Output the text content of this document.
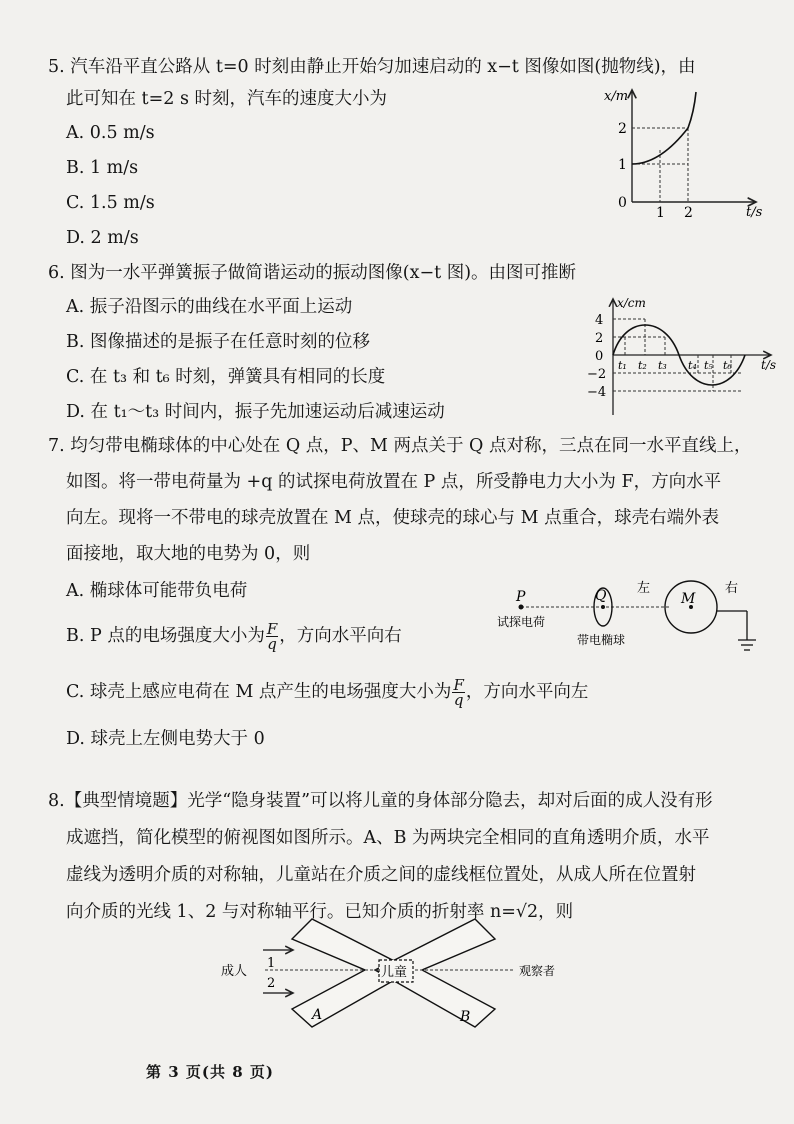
5. 汽车沿平直公路从 t=0 时刻由静止开始匀加速启动的 x−t 图像如图(抛物线)，由
此可知在 t=2 s 时刻，汽车的速度大小为
A. 0.5 m/s
B. 1 m/s
C. 1.5 m/s
D. 2 m/s
x/m
2
1
0
1 2	t/s
6. 图为一水平弹簧振子做简谐运动的振动图像(x−t 图)。由图可推断
A. 振子沿图示的曲线在水平面上运动
B. 图像描述的是振子在任意时刻的位移
C. 在 t₃ 和 t₆ 时刻，弹簧具有相同的长度
D. 在 t₁～t₃ 时间内，振子先加速运动后减速运动
x/cm
4
2
0
−2
−4
t₁ t₂ t₃ t₄ t₅ t₆ t/s
7. 均匀带电椭球体的中心处在 Q 点，P、M 两点关于 Q 点对称，三点在同一水平直线上，
如图。将一带电荷量为 +q 的试探电荷放置在 P 点，所受静电力大小为 F，方向水平
向左。现将一不带电的球壳放置在 M 点，使球壳的球心与 M 点重合，球壳右端外表
面接地，取大地的电势为 0，则
A. 椭球体可能带负电荷
B. P 点的电场强度大小为 $\frac{F}{q}$ ，方向水平向右
C. 球壳上感应电荷在 M 点产生的电场强度大小为 $\frac{F}{q}$ ，方向水平向左
D. 球壳上左侧电势大于 0
P	Q	M
左	右
试探电荷
带电椭球
8.【典型情境题】光学“隐身装置”可以将儿童的身体部分隐去，却对后面的成人没有形
成遮挡，简化模型的俯视图如图所示。A、B 为两块完全相同的直角透明介质，水平
虚线为透明介质的对称轴，儿童站在介质之间的虚线框位置处，从成人所在位置射
向介质的光线 1、2 与对称轴平行。已知介质的折射率 n=√2，则
儿童
成人	观察者
1
2
A	B
第 3 页(共 8 页)
